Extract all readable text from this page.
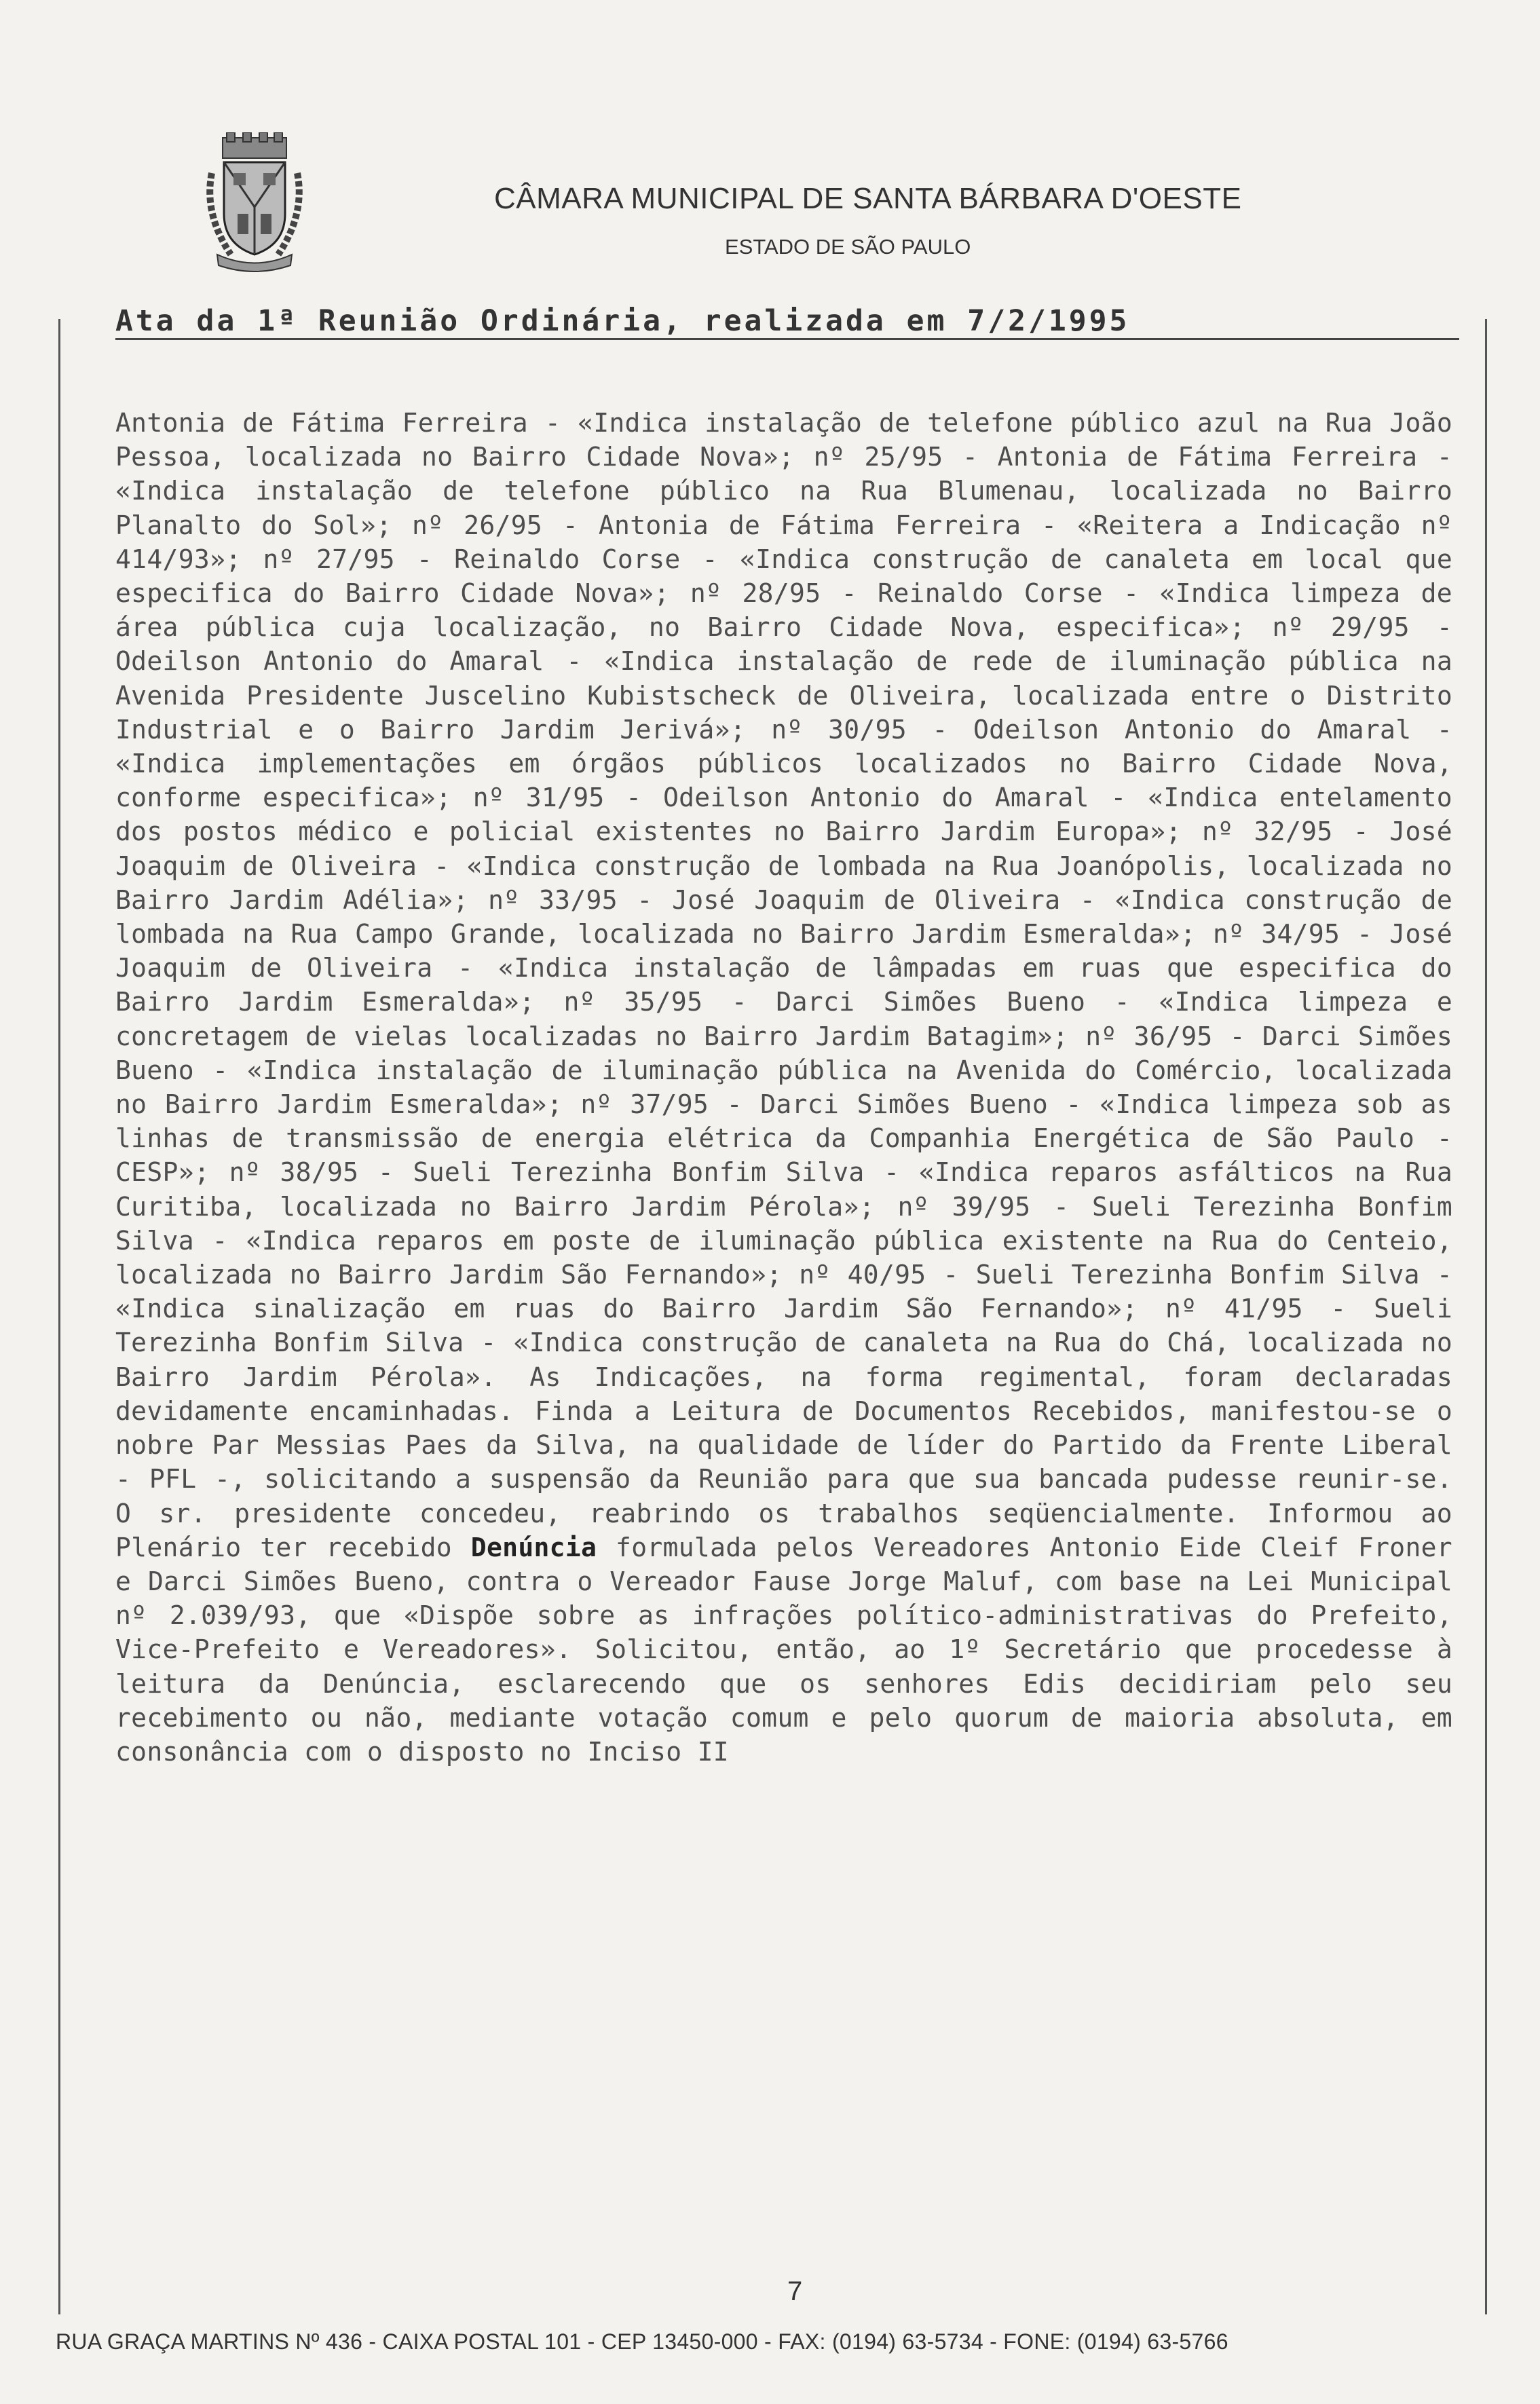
CÂMARA MUNICIPAL DE SANTA BÁRBARA D'OESTE
ESTADO DE SÃO PAULO
Ata da 1ª Reunião Ordinária, realizada em 7/2/1995
Antonia de Fátima Ferreira - «Indica instalação de telefone público azul na Rua João Pessoa, localizada no Bairro Cidade Nova»; nº 25/95 - Antonia de Fátima Ferreira - «Indica instalação de telefone público na Rua Blumenau, localizada no Bairro Planalto do Sol»; nº 26/95 - Antonia de Fátima Ferreira - «Reitera a Indicação nº 414/93»; nº 27/95 - Reinaldo Corse - «Indica construção de canaleta em local que especifica do Bairro Cidade Nova»; nº 28/95 - Reinaldo Corse - «Indica limpeza de área pública cuja localização, no Bairro Cidade Nova, especifica»; nº 29/95 - Odeilson Antonio do Amaral - «Indica instalação de rede de iluminação pública na Avenida Presidente Juscelino Kubistscheck de Oliveira, localizada entre o Distrito Industrial e o Bairro Jardim Jerivá»; nº 30/95 - Odeilson Antonio do Amaral - «Indica implementações em órgãos públicos localizados no Bairro Cidade Nova, conforme especifica»; nº 31/95 - Odeilson Antonio do Amaral - «Indica entelamento dos postos médico e policial existentes no Bairro Jardim Europa»; nº 32/95 - José Joaquim de Oliveira - «Indica construção de lombada na Rua Joanópolis, localizada no Bairro Jardim Adélia»; nº 33/95 - José Joaquim de Oliveira - «Indica construção de lombada na Rua Campo Grande, localizada no Bairro Jardim Esmeralda»; nº 34/95 - José Joaquim de Oliveira - «Indica instalação de lâmpadas em ruas que especifica do Bairro Jardim Esmeralda»; nº 35/95 - Darci Simões Bueno - «Indica limpeza e concretagem de vielas localizadas no Bairro Jardim Batagim»; nº 36/95 - Darci Simões Bueno - «Indica instalação de iluminação pública na Avenida do Comércio, localizada no Bairro Jardim Esmeralda»; nº 37/95 - Darci Simões Bueno - «Indica limpeza sob as linhas de transmissão de energia elétrica da Companhia Energética de São Paulo - CESP»; nº 38/95 - Sueli Terezinha Bonfim Silva - «Indica reparos asfálticos na Rua Curitiba, localizada no Bairro Jardim Pérola»; nº 39/95 - Sueli Terezinha Bonfim Silva - «Indica reparos em poste de iluminação pública existente na Rua do Centeio, localizada no Bairro Jardim São Fernando»; nº 40/95 - Sueli Terezinha Bonfim Silva - «Indica sinalização em ruas do Bairro Jardim São Fernando»; nº 41/95 - Sueli Terezinha Bonfim Silva - «Indica construção de canaleta na Rua do Chá, localizada no Bairro Jardim Pérola». As Indicações, na forma regimental, foram declaradas devidamente encaminhadas. Finda a Leitura de Documentos Recebidos, manifestou-se o nobre Par Messias Paes da Silva, na qualidade de líder do Partido da Frente Liberal - PFL -, solicitando a suspensão da Reunião para que sua bancada pudesse reunir-se. O sr. presidente concedeu, reabrindo os trabalhos seqüencialmente. Informou ao Plenário ter recebido Denúncia formulada pelos Vereadores Antonio Eide Cleif Froner e Darci Simões Bueno, contra o Vereador Fause Jorge Maluf, com base na Lei Municipal nº 2.039/93, que «Dispõe sobre as infrações político-administrativas do Prefeito, Vice-Prefeito e Vereadores». Solicitou, então, ao 1º Secretário que procedesse à leitura da Denúncia, esclarecendo que os senhores Edis decidiriam pelo seu recebimento ou não, mediante votação comum e pelo quorum de maioria absoluta, em consonância com o disposto no Inciso II
7
RUA GRAÇA MARTINS Nº 436 - CAIXA POSTAL 101 - CEP 13450-000 - FAX: (0194) 63-5734 - FONE: (0194) 63-5766
